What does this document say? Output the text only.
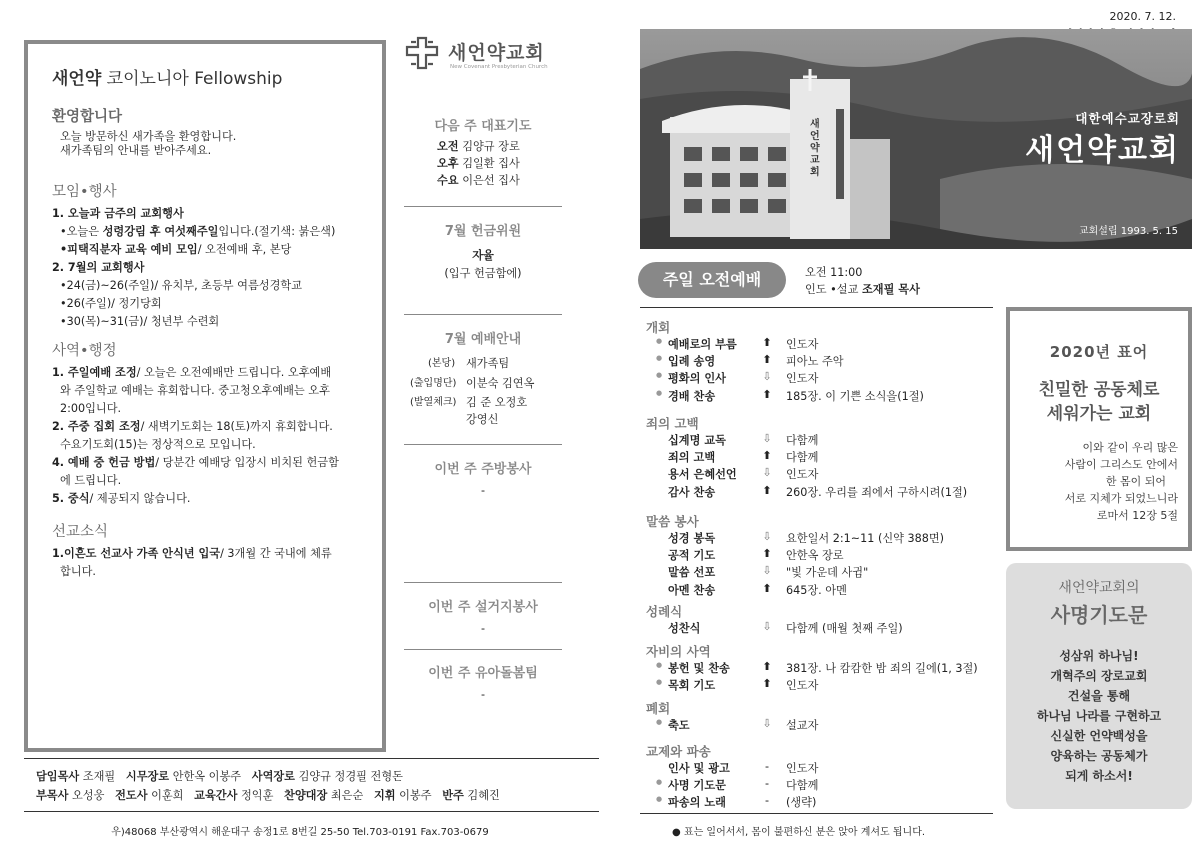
새언약 코이노니아 Fellowship
환영합니다
오늘 방문하신 새가족을 환영합니다.
새가족팀의 안내를 받아주세요.
모임•행사
1. 오늘과 금주의 교회행사
•오늘은 성령강림 후 여섯째주일입니다.(절기색: 붉은색)
•피택직분자 교육 예비 모임/ 오전예배 후, 본당
2. 7월의 교회행사
•24(금)~26(주일)/ 유치부, 초등부 여름성경학교
•26(주일)/ 정기당회
•30(목)~31(금)/ 청년부 수련회
사역•행정
1. 주일예배 조정/ 오늘은 오전예배만 드립니다. 오후예배
와 주일학교 예배는 휴회합니다. 중고청오후예배는 오후
2:00입니다.
2. 주중 집회 조정/ 새벽기도회는 18(토)까지 휴회합니다.
수요기도회(15)는 정상적으로 모입니다.
4. 예배 중 헌금 방법/ 당분간 예배당 입장시 비치된 헌금함
에 드립니다.
5. 중식/ 제공되지 않습니다.
선교소식
1.이흔도 선교사 가족 안식년 입국/ 3개월 간 국내에 체류
합니다.
새언약교회
New Covenant Presbyterian Church
다음 주 대표기도
오전 김양규 장로
오후 김일환 집사
수요 이은선 집사
7월 헌금위원
자율
(입구 헌금함에)
7월 예배안내
(본당) 새가족팀
(출입명단) 이분숙 김연옥
(발열체크) 김 준 오정호
강영신
이번 주 주방봉사
-
이번 주 설거지봉사
-
이번 주 유아돌봄팀
-
담임목사 조재필 시무장로 안한옥 이봉주 사역장로 김양규 정경필 전형돈
부목사 오성웅 전도사 이훈희 교육간사 정익훈 찬양대장 최은순 지휘 이봉주 반주 김혜진
우)48068 부산광역시 해운대구 송정1로 8번길 25-50 Tel.703-0191 Fax.703-0679
2020. 7. 12.
대한예수교장로회
새언약교회
새언약교회
교회설립 1993. 5. 15
주일 오전예배	오전 11:00
인도 •설교 조재필 목사
개회
● 예배로의 부름 ⬆ 인도자
● 입례 송영	⬆ 피아노 주악
● 평화의 인사	⇩ 인도자
● 경배 찬송	⬆ 185장. 이 기쁜 소식을(1절)
죄의 고백
십계명 교독	⇩ 다함께
죄의 고백	⬆ 다함께
용서 은혜선언 ⇩ 인도자
감사 찬송	⬆ 260장. 우리를 죄에서 구하시려(1절)
말씀 봉사
성경 봉독	⇩ 요한일서 2:1~11 (신약 388면)
공적 기도	⬆ 안한옥 장로
말씀 선포	⇩ "빛 가운데 사귐"
아멘 찬송	⬆ 645장. 아멘
성례식
성찬식	⇩ 다함께 (매월 첫째 주일)
자비의 사역
● 봉헌 및 찬송	⬆ 381장. 나 캄캄한 밤 죄의 길에(1, 3절)
● 목회 기도	⬆ 인도자
폐회
● 축도	⇩ 설교자
교제와 파송
인사 및 광고	-	인도자
● 사명 기도문	-	다함께
● 파송의 노래	-	(생략)
● 표는 일어서서, 몸이 불편하신 분은 앉아 계셔도 됩니다.
2020년 표어
친밀한 공동체로
세워가는 교회
이와 같이 우리 많은
사람이 그리스도 안에서
한 몸이 되어
서로 지체가 되었느니라
로마서 12장 5절
새언약교회의
사명기도문
성삼위 하나님!
개혁주의 장로교회
건설을 통해
하나님 나라를 구현하고
신실한 언약백성을
양육하는 공동체가
되게 하소서!
